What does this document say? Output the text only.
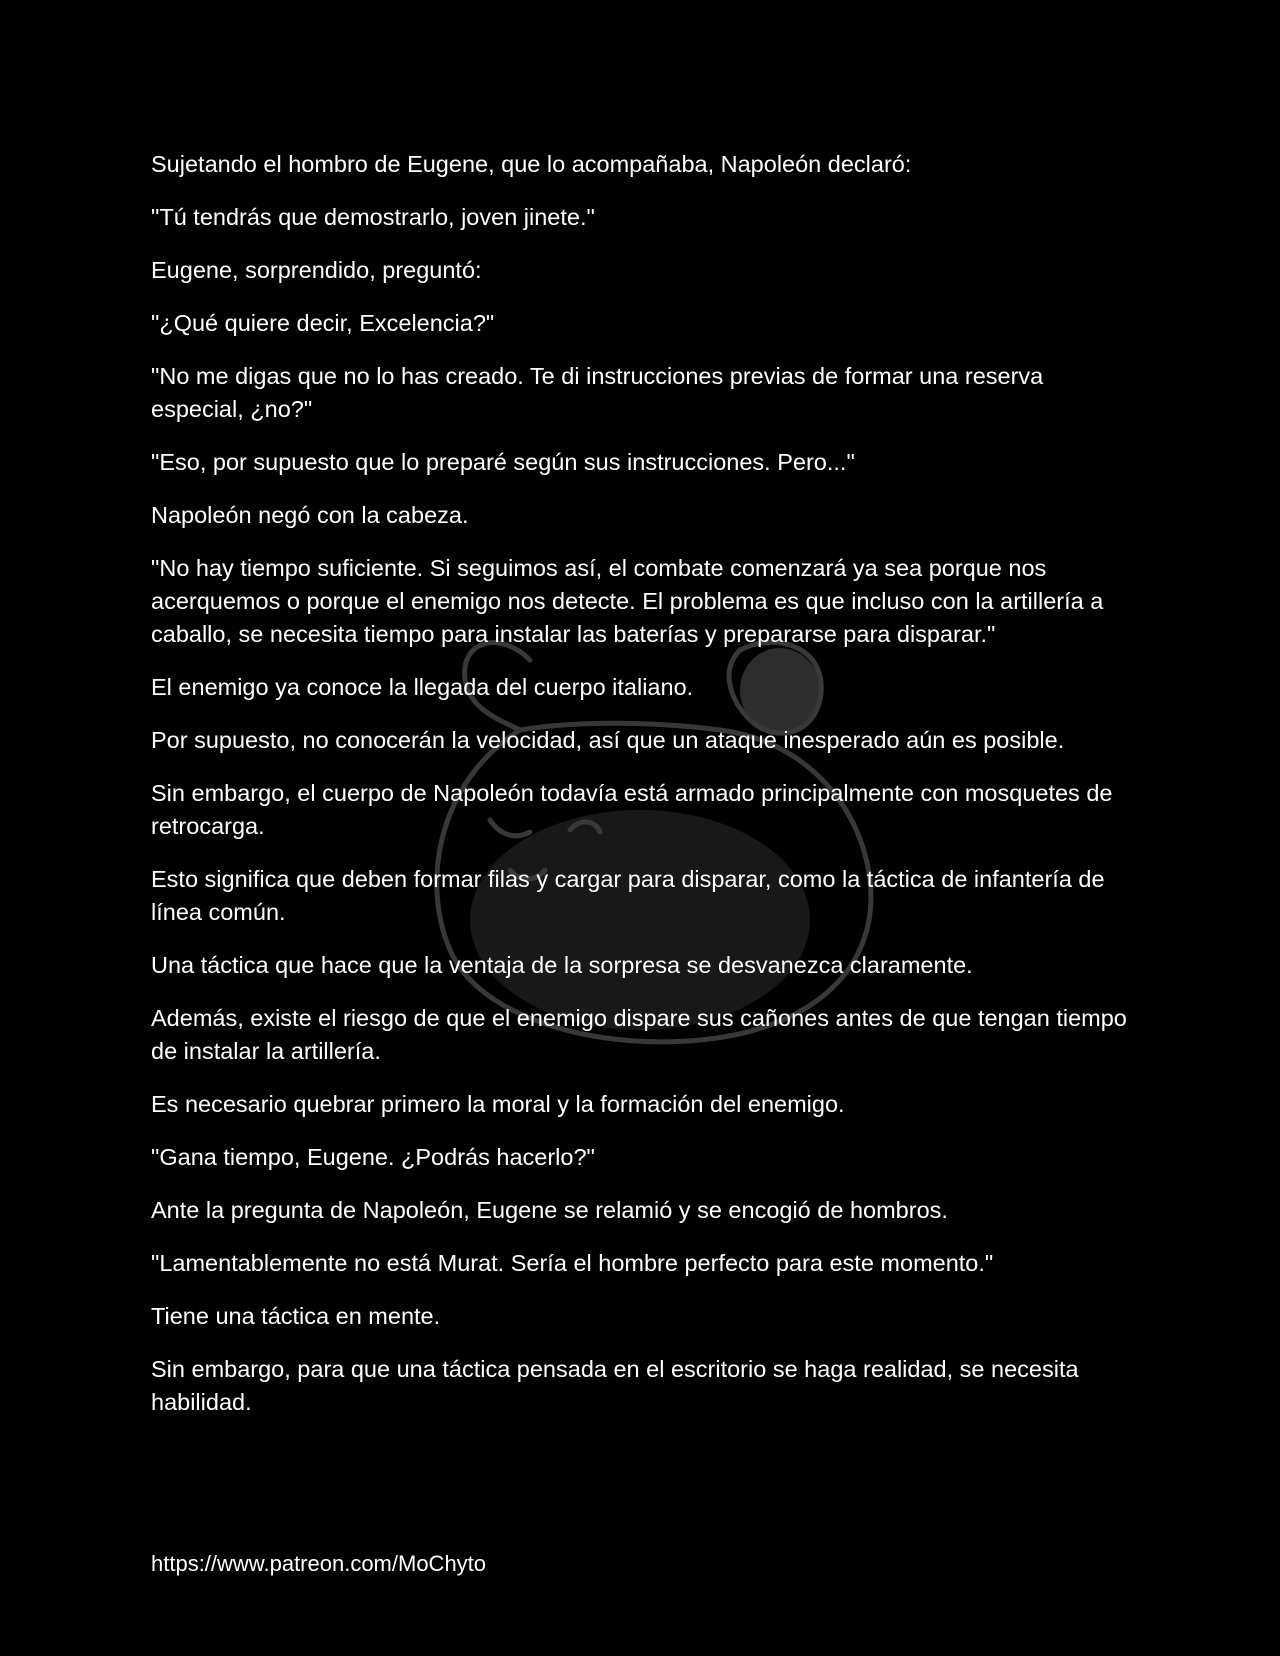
Sujetando el hombro de Eugene, que lo acompañaba, Napoleón declaró:

"Tú tendrás que demostrarlo, joven jinete."

Eugene, sorprendido, preguntó:

"¿Qué quiere decir, Excelencia?"

"No me digas que no lo has creado. Te di instrucciones previas de formar una reserva especial, ¿no?"

"Eso, por supuesto que lo preparé según sus instrucciones. Pero..."

Napoleón negó con la cabeza.

"No hay tiempo suficiente. Si seguimos así, el combate comenzará ya sea porque nos acerquemos o porque el enemigo nos detecte. El problema es que incluso con la artillería a caballo, se necesita tiempo para instalar las baterías y prepararse para disparar."

El enemigo ya conoce la llegada del cuerpo italiano.

Por supuesto, no conocerán la velocidad, así que un ataque inesperado aún es posible.

Sin embargo, el cuerpo de Napoleón todavía está armado principalmente con mosquetes de retrocarga.

Esto significa que deben formar filas y cargar para disparar, como la táctica de infantería de línea común.

Una táctica que hace que la ventaja de la sorpresa se desvanezca claramente.

Además, existe el riesgo de que el enemigo dispare sus cañones antes de que tengan tiempo de instalar la artillería.

Es necesario quebrar primero la moral y la formación del enemigo.

"Gana tiempo, Eugene. ¿Podrás hacerlo?"

Ante la pregunta de Napoleón, Eugene se relamió y se encogió de hombros.

"Lamentablemente no está Murat. Sería el hombre perfecto para este momento."

Tiene una táctica en mente.

Sin embargo, para que una táctica pensada en el escritorio se haga realidad, se necesita habilidad.

https://www.patreon.com/MoChyto
